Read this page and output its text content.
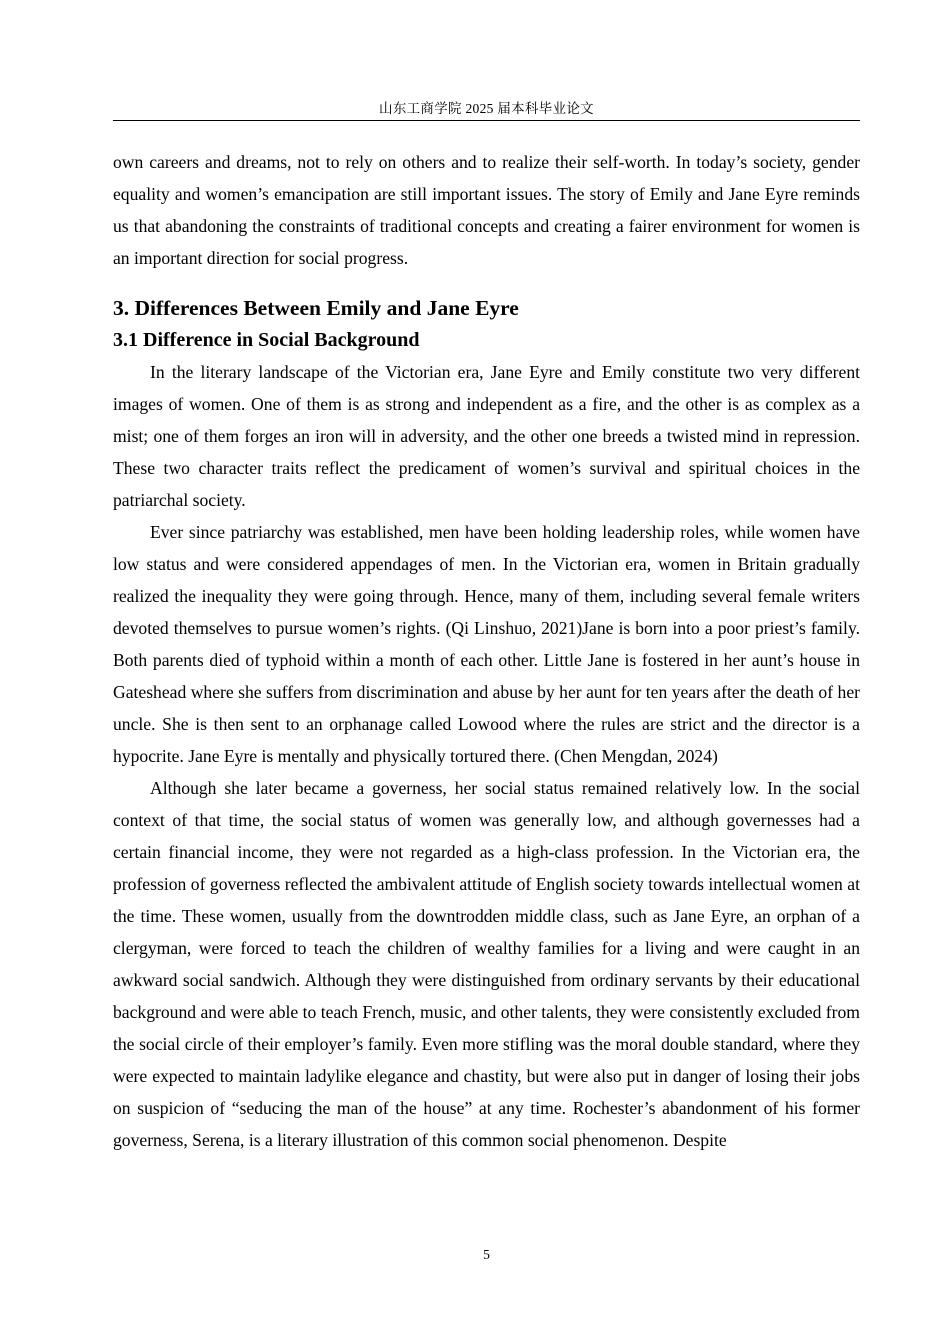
山东工商学院 2025 届本科毕业论文

own careers and dreams, not to rely on others and to realize their self-worth. In today’s society, gender equality and women’s emancipation are still important issues. The story of Emily and Jane Eyre reminds us that abandoning the constraints of traditional concepts and creating a fairer environment for women is an important direction for social progress.

3. Differences Between Emily and Jane Eyre
3.1 Difference in Social Background

In the literary landscape of the Victorian era, Jane Eyre and Emily constitute two very different images of women. One of them is as strong and independent as a fire, and the other is as complex as a mist; one of them forges an iron will in adversity, and the other one breeds a twisted mind in repression. These two character traits reflect the predicament of women’s survival and spiritual choices in the patriarchal society.

Ever since patriarchy was established, men have been holding leadership roles, while women have low status and were considered appendages of men. In the Victorian era, women in Britain gradually realized the inequality they were going through. Hence, many of them, including several female writers devoted themselves to pursue women’s rights. (Qi Linshuo, 2021)Jane is born into a poor priest’s family. Both parents died of typhoid within a month of each other. Little Jane is fostered in her aunt’s house in Gateshead where she suffers from discrimination and abuse by her aunt for ten years after the death of her uncle. She is then sent to an orphanage called Lowood where the rules are strict and the director is a hypocrite. Jane Eyre is mentally and physically tortured there. (Chen Mengdan, 2024)

Although she later became a governess, her social status remained relatively low. In the social context of that time, the social status of women was generally low, and although governesses had a certain financial income, they were not regarded as a high-class profession. In the Victorian era, the profession of governess reflected the ambivalent attitude of English society towards intellectual women at the time. These women, usually from the downtrodden middle class, such as Jane Eyre, an orphan of a clergyman, were forced to teach the children of wealthy families for a living and were caught in an awkward social sandwich. Although they were distinguished from ordinary servants by their educational background and were able to teach French, music, and other talents, they were consistently excluded from the social circle of their employer’s family. Even more stifling was the moral double standard, where they were expected to maintain ladylike elegance and chastity, but were also put in danger of losing their jobs on suspicion of “seducing the man of the house” at any time. Rochester’s abandonment of his former governess, Serena, is a literary illustration of this common social phenomenon. Despite

5
